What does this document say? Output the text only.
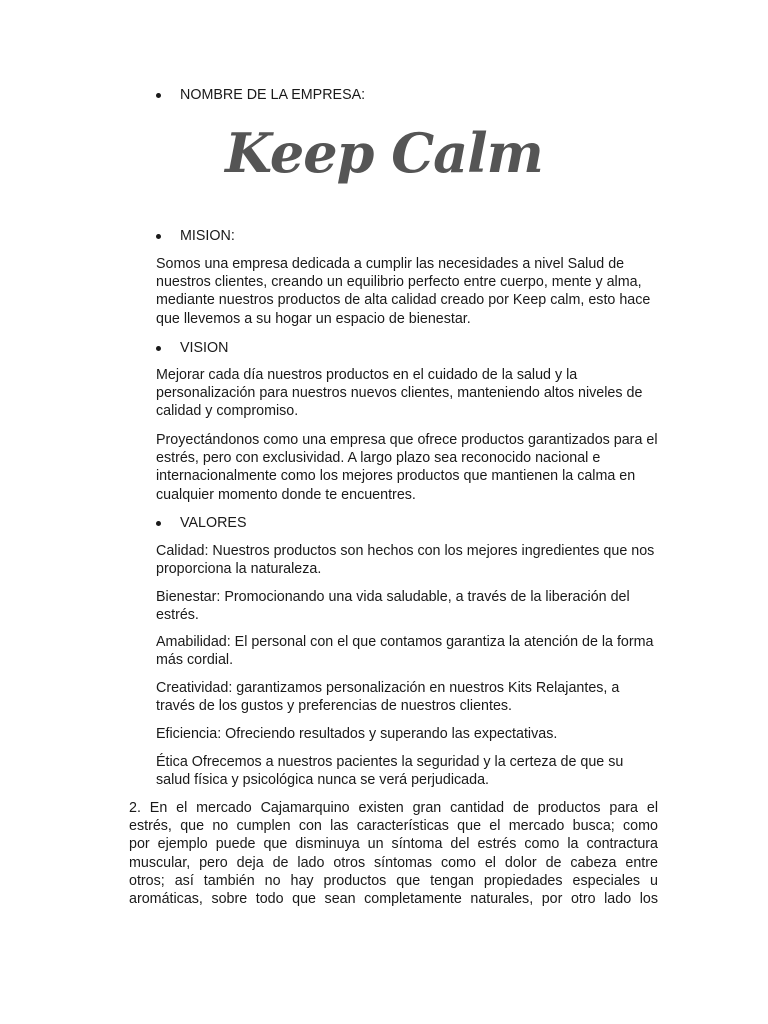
NOMBRE DE LA EMPRESA:
Keep Calm
MISION:

Somos una empresa dedicada a cumplir las necesidades a nivel Salud de nuestros clientes, creando un equilibrio perfecto entre cuerpo, mente y alma, mediante nuestros productos de alta calidad creado por Keep calm, esto hace que llevemos a su hogar un espacio de bienestar.

VISION

Mejorar cada día nuestros productos en el cuidado de la salud y la personalización para nuestros nuevos clientes, manteniendo altos niveles de calidad y compromiso.

Proyectándonos como una empresa que ofrece productos garantizados para el estrés, pero con exclusividad. A largo plazo sea reconocido nacional e internacionalmente como los mejores productos que mantienen la calma en cualquier momento donde te encuentres.

VALORES

Calidad: Nuestros productos son hechos con los mejores ingredientes que nos proporciona la naturaleza.

Bienestar: Promocionando una vida saludable, a través de la liberación del estrés.

Amabilidad: El personal con el que contamos garantiza la atención de la forma más cordial.

Creatividad: garantizamos personalización en nuestros Kits Relajantes, a través de los gustos y preferencias de nuestros clientes.

Eficiencia: Ofreciendo resultados y superando las expectativas.

Ética Ofrecemos a nuestros pacientes la seguridad y la certeza de que su salud física y psicológica nunca se verá perjudicada.

2. En el mercado Cajamarquino existen gran cantidad de productos para el
estrés, que no cumplen con las características que el mercado busca; como
por ejemplo puede que disminuya un síntoma del estrés como la contractura
muscular, pero deja de lado otros síntomas como el dolor de cabeza entre
otros; así también no hay productos que tengan propiedades especiales u
aromáticas, sobre todo que sean completamente naturales, por otro lado los
